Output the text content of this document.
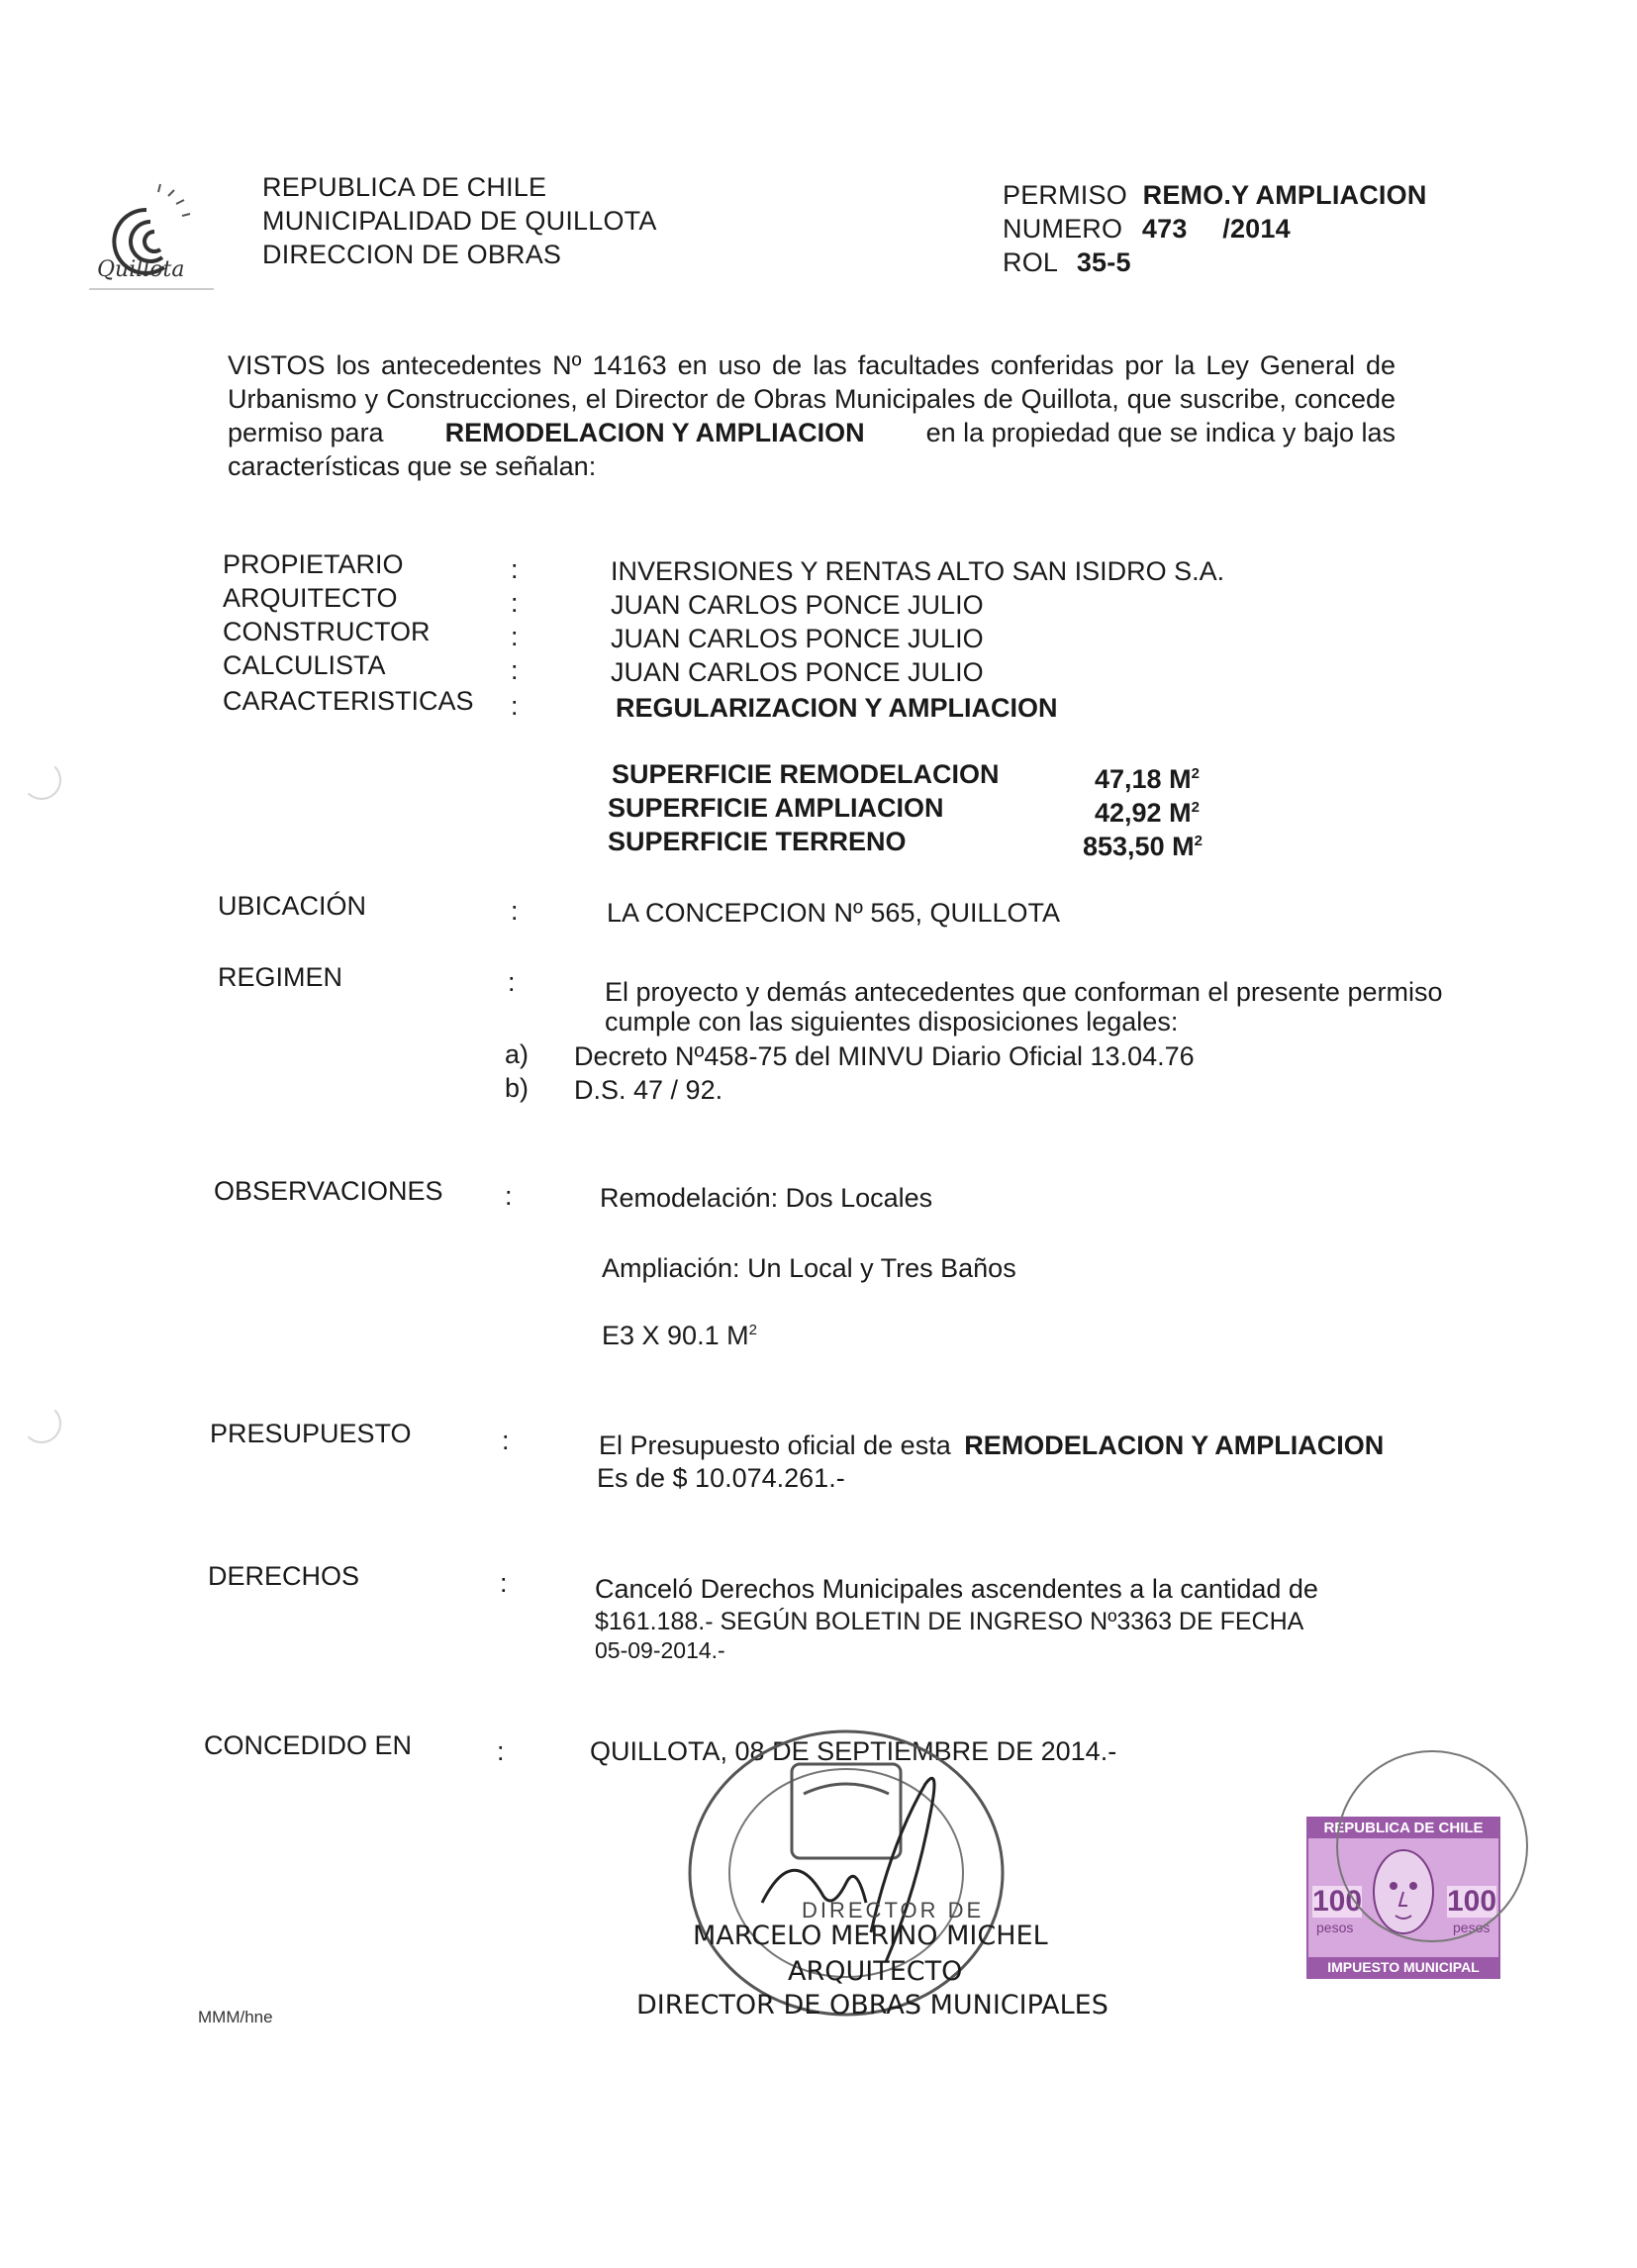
Quillota
REPUBLICA DE CHILE
MUNICIPALIDAD DE QUILLOTA
DIRECCION DE OBRAS
PERMISO REMO.Y AMPLIACION
NUMERO 473 /2014
ROL 35-5
VISTOS los antecedentes Nº 14163 en uso de las facultades conferidas por la Ley General de
Urbanismo y Construcciones, el Director de Obras Municipales de Quillota, que suscribe, concede
permiso para REMODELACION Y AMPLIACION en la propiedad que se indica y bajo las
características que se señalan:
PROPIETARIO	:	INVERSIONES Y RENTAS ALTO SAN ISIDRO S.A.
ARQUITECTO	:	JUAN CARLOS PONCE JULIO
CONSTRUCTOR	:	JUAN CARLOS PONCE JULIO
CALCULISTA	:	JUAN CARLOS PONCE JULIO
CARACTERISTICAS :	REGULARIZACION Y AMPLIACION
SUPERFICIE REMODELACION	47,18 $M^2$
SUPERFICIE AMPLIACION	42,92 $M^2$
SUPERFICIE TERRENO	853,50 $M^2$
UBICACIÓN	:	LA CONCEPCION Nº 565, QUILLOTA
REGIMEN	:	El proyecto y demás antecedentes que conforman el presente permiso
cumple con las siguientes disposiciones legales:
a) Decreto Nº458-75 del MINVU Diario Oficial 13.04.76
b) D.S. 47 / 92.
OBSERVACIONES :	Remodelación: Dos Locales
Ampliación: Un Local y Tres Baños
E3 X 90.1 $M^2$
PRESUPUESTO	:	El Presupuesto oficial de esta REMODELACION Y AMPLIACION
Es de $ 10.074.261.-
DERECHOS	:	Canceló Derechos Municipales ascendentes a la cantidad de
$161.188.- SEGÚN BOLETIN DE INGRESO Nº3363 DE FECHA
05-09-2014.-
CONCEDIDO EN	:	QUILLOTA, 08 DE SEPTIEMBRE DE 2014.-
DIRECTOR DE
MARCELO MERINO MICHEL
ARQUITECTO
DIRECTOR DE OBRAS MUNICIPALES
REPUBLICA DE CHILE
100	100
pesos	pesos
IMPUESTO MUNICIPAL
MMM/hne
